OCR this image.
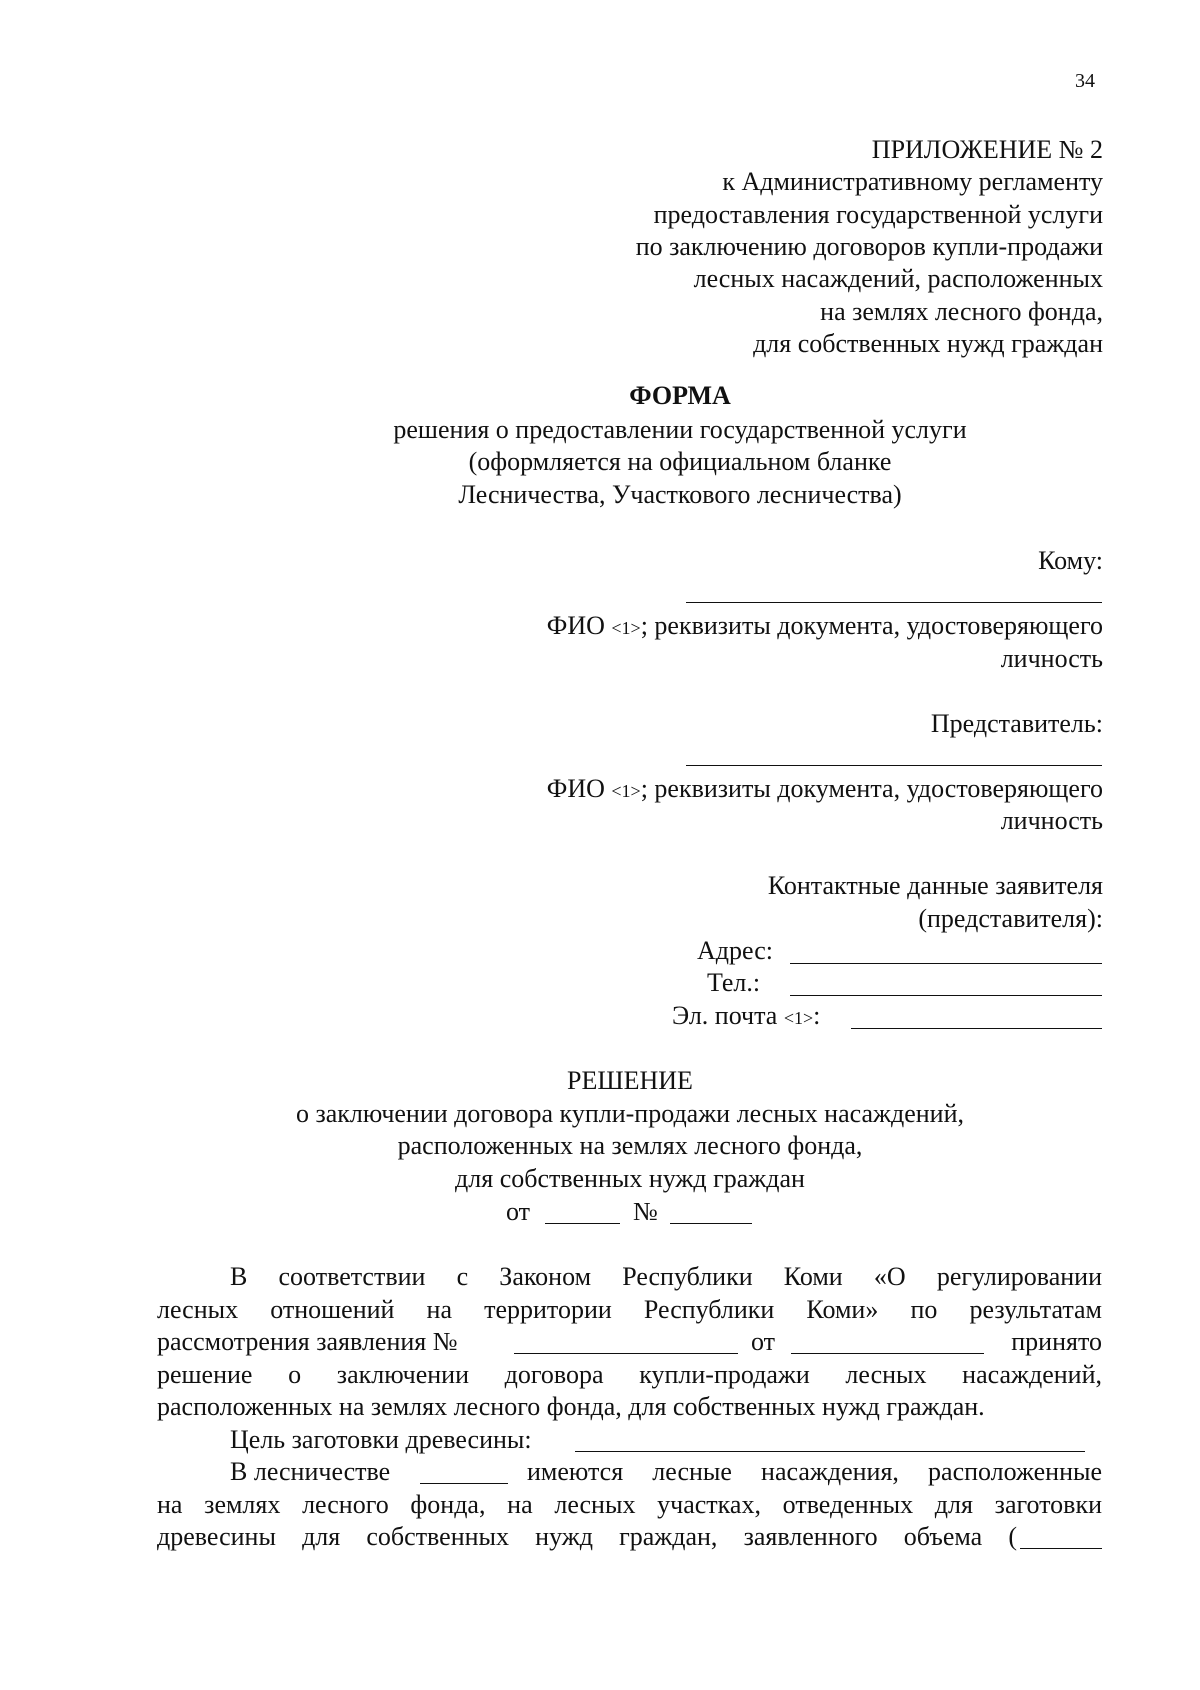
34
ПРИЛОЖЕНИЕ № 2
к Административному регламенту
предоставления государственной услуги
по заключению договоров купли-продажи
лесных насаждений, расположенных
на землях лесного фонда,
для собственных нужд граждан
ФОРМА
решения о предоставлении государственной услуги
(оформляется на официальном бланке
Лесничества, Участкового лесничества)
Кому:
ФИО <1>; реквизиты документа, удостоверяющего
личность
Представитель:
ФИО <1>; реквизиты документа, удостоверяющего
личность
Контактные данные заявителя
(представителя):
Адрес:
Тел.:
Эл. почта <1>:
РЕШЕНИЕ
о заключении договора купли-продажи лесных насаждений,
расположенных на землях лесного фонда,
для собственных нужд граждан
от	№
В соответствии с Законом Республики Коми «О регулировании
лесных отношений на территории Республики Коми» по результатам
рассмотрения заявления №	от	принято
решение о заключении договора купли-продажи лесных насаждений,
расположенных на землях лесного фонда, для собственных нужд граждан.
Цель заготовки древесины:
В лесничестве	имеются лесные насаждения, расположенные
на землях лесного фонда, на лесных участках, отведенных для заготовки
древесины для собственных нужд граждан, заявленного объема (
